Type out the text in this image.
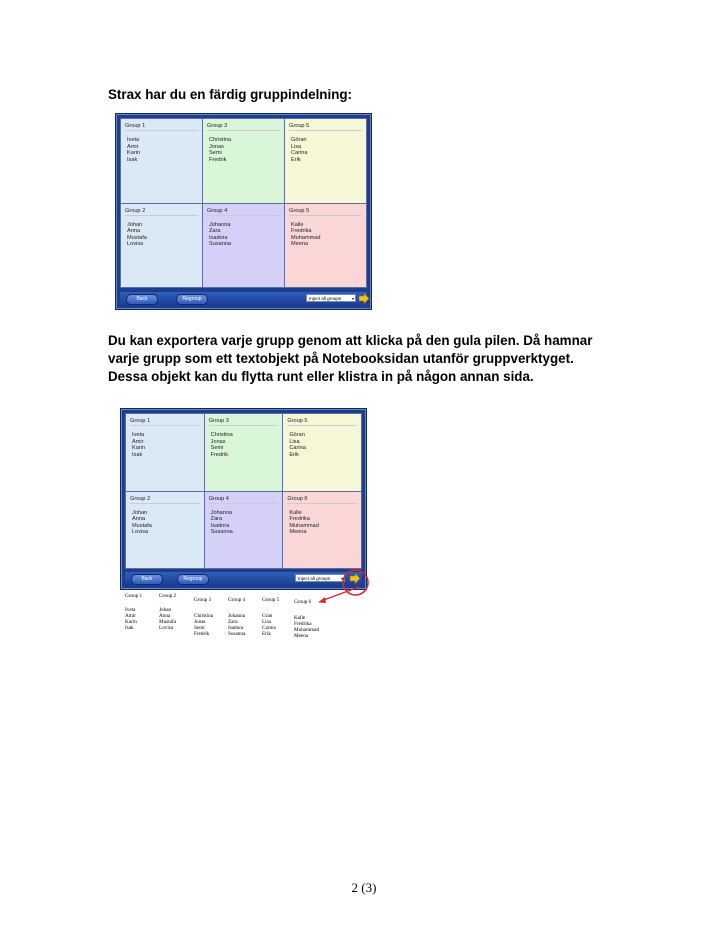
Strax har du en färdig gruppindelning:

Group 1
Iveta
Amir
Karin
Isak
Group 3
Christina
Jonas
Semi
Fredrik
Group 5
Göran
Lisa
Carina
Erik
Group 2
Johan
Anna
Mustafa
Lovisa
Group 4
Johanna
Zara
Isadora
Susanna
Group 5
Kalle
Fredrika
Muhammad
Meena
Back	Regroup	Inject all groups	▾

Du kan exportera varje grupp genom att klicka på den gula pilen. Då hamnar varje grupp som ett textobjekt på Notebooksidan utanför gruppverktyget. Dessa objekt kan du flytta runt eller klistra in på någon annan sida.

Group 1
Iveta
Amir
Karin
Isak
Group 3
Christina
Jonas
Semi
Fredrik
Group 5
Göran
Lisa
Carina
Erik
Group 2
Johan
Anna
Mustafa
Lovisa
Group 4
Johanna
Zara
Isadora
Susanna
Group 6
Kalle
Fredrika
Muhammad
Meena
Back	Regroup	Inject all groups	▾
Group 1
Iveta
Amir
Karin
Isak
Group 2
Johan
Anna
Mustafa
Lovisa
Group 3
Christina
Jonas
Semi
Fredrik
Group 4
Johanna
Zara
Isadora
Susanna
Group 5
Gran
Lisa
Carina
Erik
Group 6
Kalle
Fredrika
Muhammad
Meena
2 (3)
